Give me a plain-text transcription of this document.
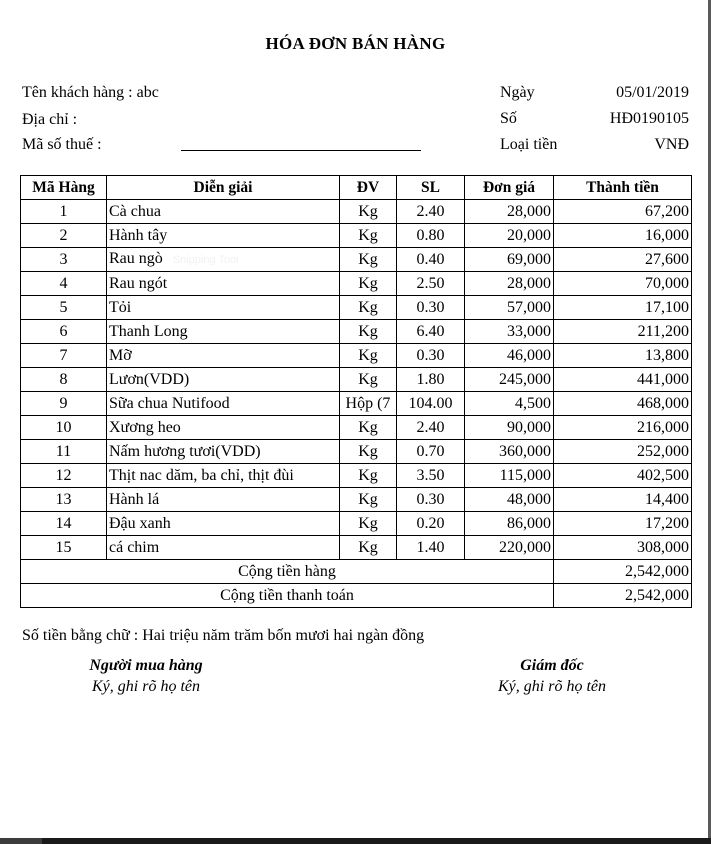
HÓA ĐƠN BÁN HÀNG
Tên khách hàng : abc
Địa chỉ :
Mã số thuế :
Ngày	05/01/2019
Số	HĐ0190105
Loại tiền	VNĐ
Mã Hàng	Diễn giải	ĐV	SL	Đơn giá	Thành tiền
1	Cà chua	Kg	2.40	28,000	67,200
2	Hành tây	Kg	0.80	20,000	16,000
3	Rau ngò Snipping Tool	Kg	0.40	69,000	27,600
4	Rau ngót	Kg	2.50	28,000	70,000
5	Tỏi	Kg	0.30	57,000	17,100
6	Thanh Long	Kg	6.40	33,000	211,200
7	Mỡ	Kg	0.30	46,000	13,800
8	Lươn(VDD)	Kg	1.80	245,000	441,000
9	Sữa chua Nutifood	Hộp (7	104.00	4,500	468,000
10	Xương heo	Kg	2.40	90,000	216,000
11	Nấm hương tươi(VDD)	Kg	0.70	360,000	252,000
12	Thịt nac dăm, ba chỉ, thịt đùi	Kg	3.50	115,000	402,500
13	Hành lá	Kg	0.30	48,000	14,400
14	Đậu xanh	Kg	0.20	86,000	17,200
15	cá chim	Kg	1.40	220,000	308,000
Cộng tiền hàng					2,542,000
Cộng tiền thanh toán					2,542,000
Số tiền bằng chữ : Hai triệu năm trăm bốn mươi hai ngàn đồng
Người mua hàng
Ký, ghi rõ họ tên
Giám đốc
Ký, ghi rõ họ tên
